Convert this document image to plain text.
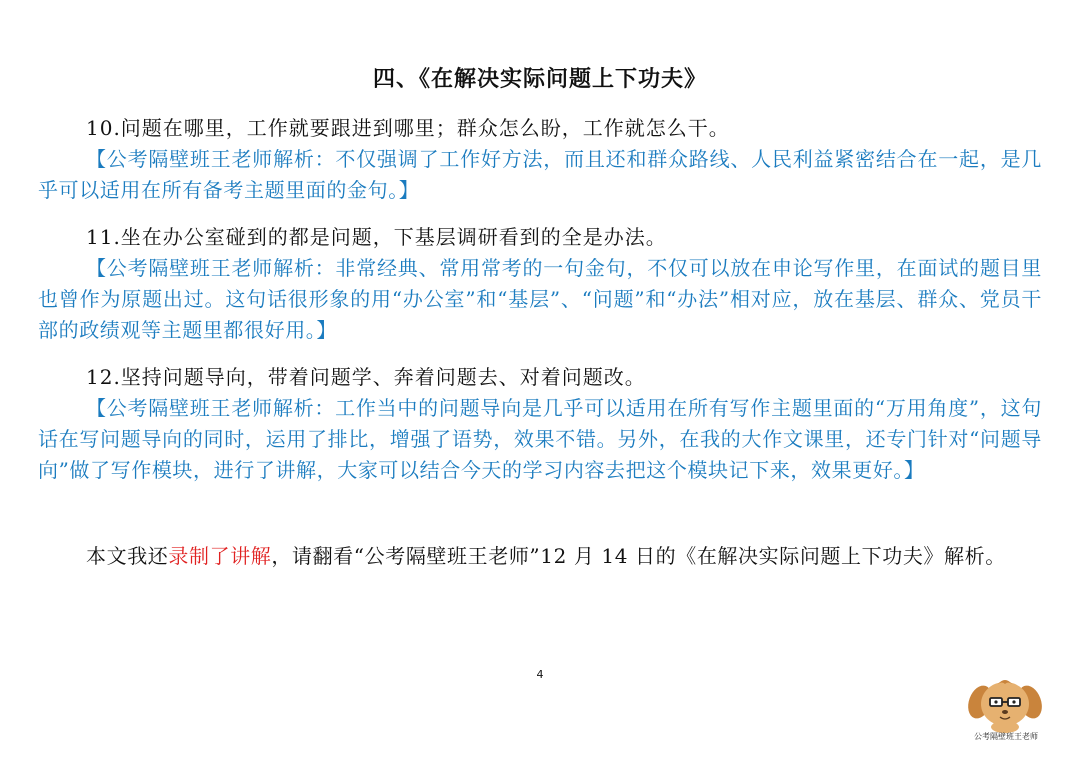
四、《在解决实际问题上下功夫》
10.问题在哪里，工作就要跟进到哪里；群众怎么盼，工作就怎么干。
【公考隔壁班王老师解析：不仅强调了工作好方法，而且还和群众路线、人民利益紧密结合在一起，是几乎可以适用在所有备考主题里面的金句。】
11.坐在办公室碰到的都是问题，下基层调研看到的全是办法。
【公考隔壁班王老师解析：非常经典、常用常考的一句金句，不仅可以放在申论写作里，在面试的题目里也曾作为原题出过。这句话很形象的用“办公室”和“基层”、“问题”和“办法”相对应，放在基层、群众、党员干部的政绩观等主题里都很好用。】
12.坚持问题导向，带着问题学、奔着问题去、对着问题改。
【公考隔壁班王老师解析：工作当中的问题导向是几乎可以适用在所有写作主题里面的“万用角度”，这句话在写问题导向的同时，运用了排比，增强了语势，效果不错。另外，在我的大作文课里，还专门针对“问题导向”做了写作模块，进行了讲解，大家可以结合今天的学习内容去把这个模块记下来，效果更好。】
本文我还录制了讲解，请翻看“公考隔壁班王老师”12 月 14 日的《在解决实际问题上下功夫》解析。
4
公考隔壁班王老师
